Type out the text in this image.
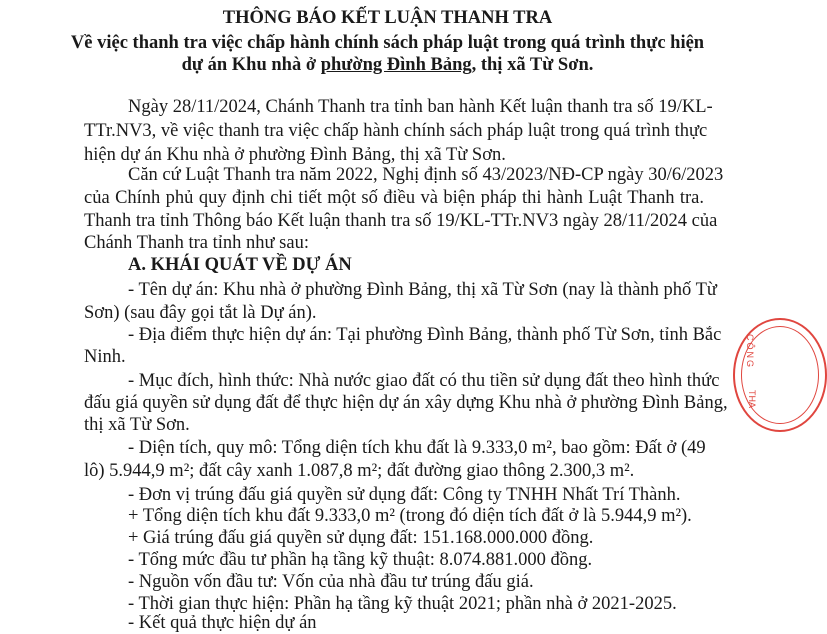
THÔNG BÁO KẾT LUẬN THANH TRA
Về việc thanh tra việc chấp hành chính sách pháp luật trong quá trình thực hiện
dự án Khu nhà ở phường Đình Bảng, thị xã Từ Sơn.
Ngày 28/11/2024, Chánh Thanh tra tỉnh ban hành Kết luận thanh tra số 19/KL-
TTr.NV3, về việc thanh tra việc chấp hành chính sách pháp luật trong quá trình thực
hiện dự án Khu nhà ở phường Đình Bảng, thị xã Từ Sơn.
Căn cứ Luật Thanh tra năm 2022, Nghị định số 43/2023/NĐ-CP ngày 30/6/2023
của Chính phủ quy định chi tiết một số điều và biện pháp thi hành Luật Thanh tra.
Thanh tra tỉnh Thông báo Kết luận thanh tra số 19/KL-TTr.NV3 ngày 28/11/2024 của
Chánh Thanh tra tỉnh như sau:
A. KHÁI QUÁT VỀ DỰ ÁN
- Tên dự án: Khu nhà ở phường Đình Bảng, thị xã Từ Sơn (nay là thành phố Từ
Sơn) (sau đây gọi tắt là Dự án).
- Địa điểm thực hiện dự án: Tại phường Đình Bảng, thành phố Từ Sơn, tỉnh Bắc
Ninh.
- Mục đích, hình thức: Nhà nước giao đất có thu tiền sử dụng đất theo hình thức
đấu giá quyền sử dụng đất để thực hiện dự án xây dựng Khu nhà ở phường Đình Bảng,
thị xã Từ Sơn.
- Diện tích, quy mô: Tổng diện tích khu đất là 9.333,0 m², bao gồm: Đất ở (49
lô) 5.944,9 m²; đất cây xanh 1.087,8 m²; đất đường giao thông 2.300,3 m².
- Đơn vị trúng đấu giá quyền sử dụng đất: Công ty TNHH Nhất Trí Thành.
+ Tổng diện tích khu đất 9.333,0 m² (trong đó diện tích đất ở là 5.944,9 m²).
+ Giá trúng đấu giá quyền sử dụng đất: 151.168.000.000 đồng.
- Tổng mức đầu tư phần hạ tầng kỹ thuật: 8.074.881.000 đồng.
- Nguồn vốn đầu tư: Vốn của nhà đầu tư trúng đấu giá.
- Thời gian thực hiện: Phần hạ tầng kỹ thuật 2021; phần nhà ở 2021-2025.
- Kết quả thực hiện dự án
CÔNG
THA
